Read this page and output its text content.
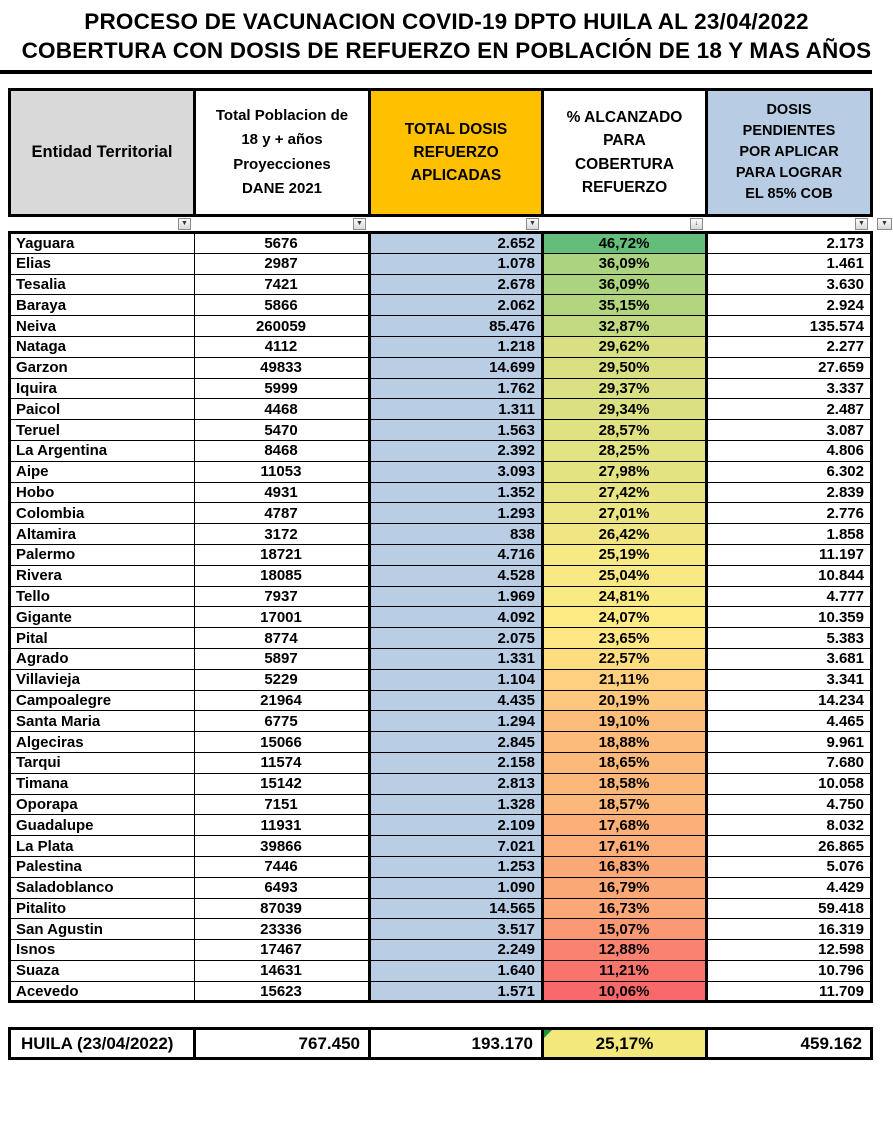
PROCESO DE VACUNACION COVID-19 DPTO HUILA AL 23/04/2022
COBERTURA CON DOSIS DE REFUERZO EN POBLACIÓN DE 18 Y MAS AÑOS
Entidad Territorial	Total Poblacion de
18 y + años
Proyecciones
DANE 2021	TOTAL DOSIS
REFUERZO
APLICADAS	% ALCANZADO
PARA
COBERTURA
REFUERZO	DOSIS
PENDIENTES
POR APLICAR
PARA LOGRAR
EL 85% COB
▼	▼	▼	↓	▼	▼
Yaguara	5676	2.652	46,72%	2.173
Elias	2987	1.078	36,09%	1.461
Tesalia	7421	2.678	36,09%	3.630
Baraya	5866	2.062	35,15%	2.924
Neiva	260059	85.476	32,87%	135.574
Nataga	4112	1.218	29,62%	2.277
Garzon	49833	14.699	29,50%	27.659
Iquira	5999	1.762	29,37%	3.337
Paicol	4468	1.311	29,34%	2.487
Teruel	5470	1.563	28,57%	3.087
La Argentina	8468	2.392	28,25%	4.806
Aipe	11053	3.093	27,98%	6.302
Hobo	4931	1.352	27,42%	2.839
Colombia	4787	1.293	27,01%	2.776
Altamira	3172	838	26,42%	1.858
Palermo	18721	4.716	25,19%	11.197
Rivera	18085	4.528	25,04%	10.844
Tello	7937	1.969	24,81%	4.777
Gigante	17001	4.092	24,07%	10.359
Pital	8774	2.075	23,65%	5.383
Agrado	5897	1.331	22,57%	3.681
Villavieja	5229	1.104	21,11%	3.341
Campoalegre	21964	4.435	20,19%	14.234
Santa Maria	6775	1.294	19,10%	4.465
Algeciras	15066	2.845	18,88%	9.961
Tarqui	11574	2.158	18,65%	7.680
Timana	15142	2.813	18,58%	10.058
Oporapa	7151	1.328	18,57%	4.750
Guadalupe	11931	2.109	17,68%	8.032
La Plata	39866	7.021	17,61%	26.865
Palestina	7446	1.253	16,83%	5.076
Saladoblanco	6493	1.090	16,79%	4.429
Pitalito	87039	14.565	16,73%	59.418
San Agustin	23336	3.517	15,07%	16.319
Isnos	17467	2.249	12,88%	12.598
Suaza	14631	1.640	11,21%	10.796
Acevedo	15623	1.571	10,06%	11.709
HUILA (23/04/2022)	767.450	193.170	25,17%	459.162
